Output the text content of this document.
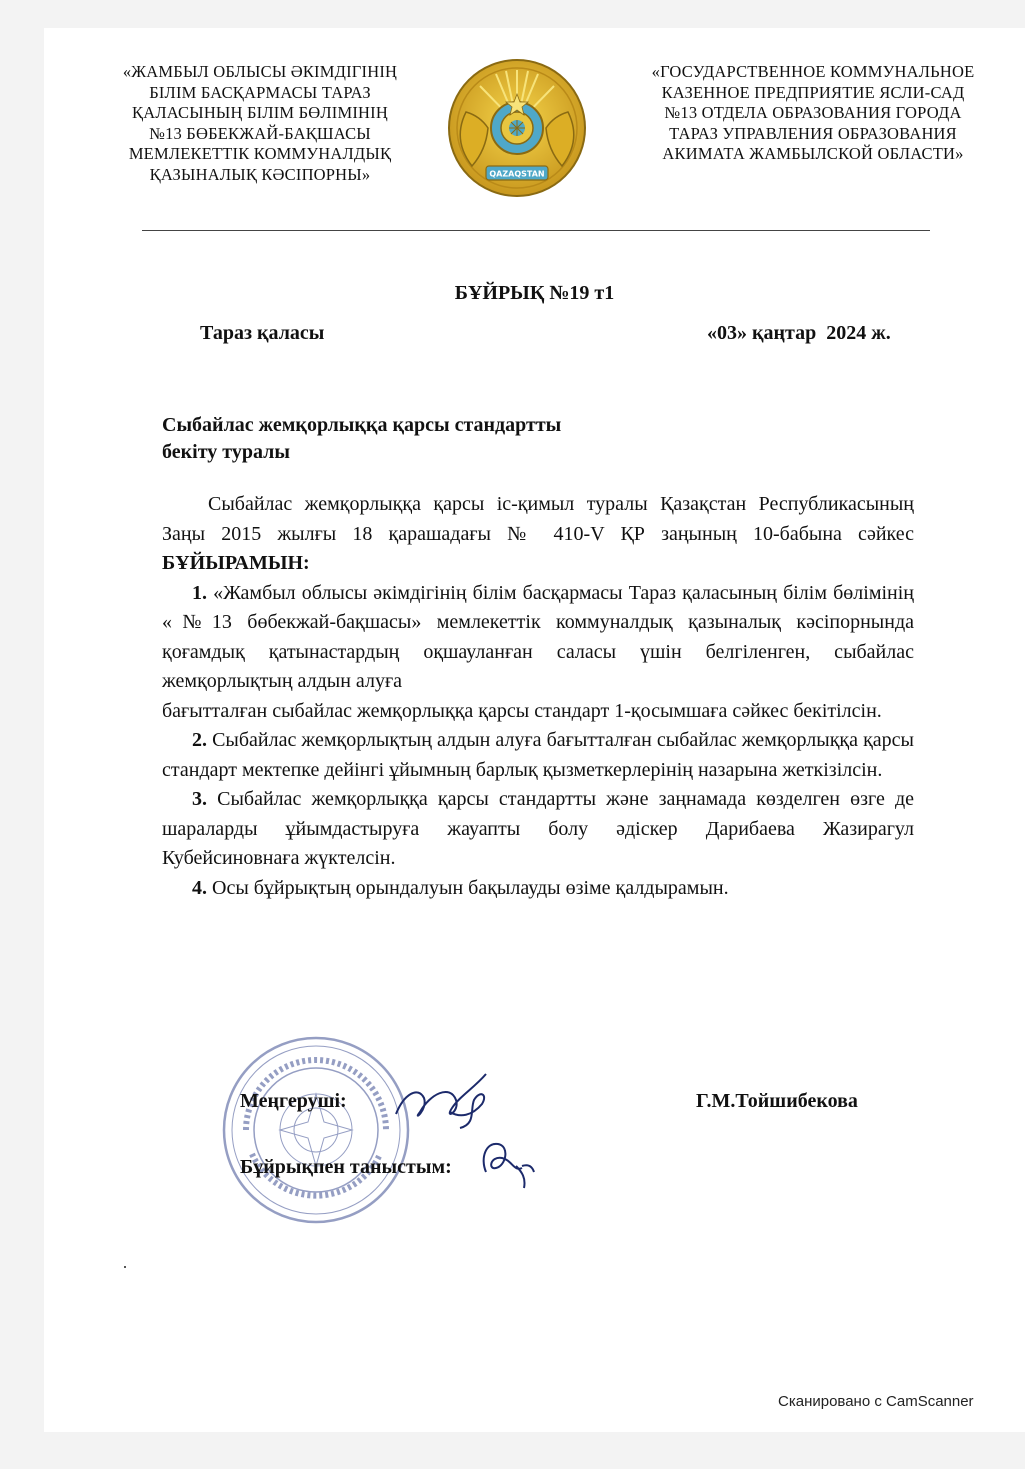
«ЖАМБЫЛ ОБЛЫСЫ ӘКІМДІГІНІҢ
БІЛІМ БАСҚАРМАСЫ ТАРАЗ
ҚАЛАСЫНЫҢ БІЛІМ БӨЛІМІНІҢ
№13 БӨБЕКЖАЙ-БАҚШАСЫ
МЕМЛЕКЕТТІК КОММУНАЛДЫҚ
ҚАЗЫНАЛЫҚ КӘСІПОРНЫ»	QAZAQSTAN
«ГОСУДАРСТВЕННОЕ КОММУНАЛЬНОЕ
КАЗЕННОЕ ПРЕДПРИЯТИЕ ЯСЛИ-САД
№13 ОТДЕЛА ОБРАЗОВАНИЯ ГОРОДА
ТАРАЗ УПРАВЛЕНИЯ ОБРАЗОВАНИЯ
АКИМАТА ЖАМБЫЛСКОЙ ОБЛАСТИ»
БҰЙРЫҚ №19 т1
Тараз қаласы	«03» қаңтар  2024 ж.
Сыбайлас жемқорлыққа қарсы стандартты
бекіту туралы

Сыбайлас жемқорлыққа қарсы іс-қимыл туралы Қазақстан Республикасының Заңы 2015 жылғы 18 қарашадағы № 410-V ҚР заңының 10-бабына сәйкес БҰЙЫРАМЫН:

1. «Жамбыл облысы әкімдігінің білім басқармасы Тараз қаласының білім бөлімінің «№13 бөбекжай-бақшасы» мемлекеттік коммуналдық қазыналық кәсіпорнында қоғамдық қатынастардың оқшауланған саласы үшін белгіленген, сыбайлас жемқорлықтың алдын алуға

бағытталған сыбайлас жемқорлыққа қарсы стандарт 1-қосымшаға сәйкес бекітілсін.

2. Сыбайлас жемқорлықтың алдын алуға бағытталған сыбайлас жемқорлыққа қарсы стандарт мектепке дейінгі ұйымның барлық қызметкерлерінің назарына жеткізілсін.

3. Сыбайлас жемқорлыққа қарсы стандартты және заңнамада көзделген өзге де шараларды ұйымдастыруға жауапты болу әдіскер Дарибаева Жазирагул Кубейсиновнаға жүктелсін.

4. Осы бұйрықтың орындалуын бақылауды өзіме қалдырамын.

Меңгеруші:	Г.М.Тойшибекова
Бұйрықпен таныстым:
Сканировано с CamScanner
